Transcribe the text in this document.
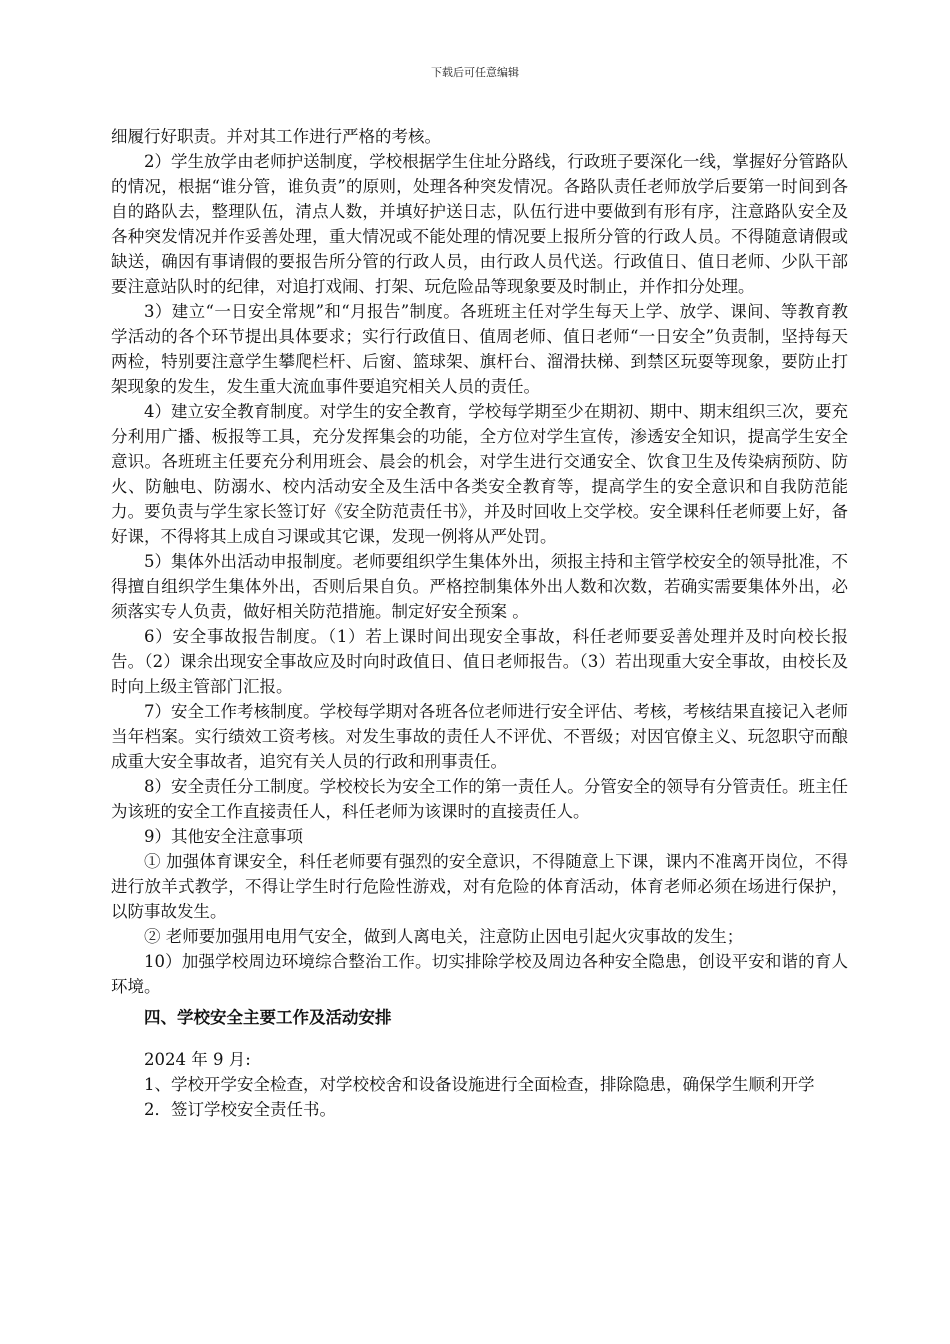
下载后可任意编辑

细履行好职责。并对其工作进行严格的考核。

2）学生放学由老师护送制度，学校根据学生住址分路线，行政班子要深化一线，掌握好分管路队的情况，根据“谁分管，谁负责”的原则，处理各种突发情况。各路队责任老师放学后要第一时间到各自的路队去，整理队伍，清点人数，并填好护送日志，队伍行进中要做到有形有序，注意路队安全及各种突发情况并作妥善处理，重大情况或不能处理的情况要上报所分管的行政人员。不得随意请假或缺送，确因有事请假的要报告所分管的行政人员，由行政人员代送。行政值日、值日老师、少队干部要注意站队时的纪律，对追打戏闹、打架、玩危险品等现象要及时制止，并作扣分处理。

3）建立“一日安全常规”和“月报告”制度。各班班主任对学生每天上学、放学、课间、等教育教学活动的各个环节提出具体要求；实行行政值日、值周老师、值日老师“一日安全”负责制，坚持每天两检，特别要注意学生攀爬栏杆、后窗、篮球架、旗杆台、溜滑扶梯、到禁区玩耍等现象，要防止打架现象的发生，发生重大流血事件要追究相关人员的责任。

4）建立安全教育制度。对学生的安全教育，学校每学期至少在期初、期中、期末组织三次，要充分利用广播、板报等工具，充分发挥集会的功能，全方位对学生宣传，渗透安全知识，提高学生安全意识。各班班主任要充分利用班会、晨会的机会，对学生进行交通安全、饮食卫生及传染病预防、防火、防触电、防溺水、校内活动安全及生活中各类安全教育等，提高学生的安全意识和自我防范能力。要负责与学生家长签订好《安全防范责任书》，并及时回收上交学校。安全课科任老师要上好，备好课，不得将其上成自习课或其它课，发现一例将从严处罚。

5）集体外出活动申报制度。老师要组织学生集体外出，须报主持和主管学校安全的领导批准，不得擅自组织学生集体外出，否则后果自负。严格控制集体外出人数和次数，若确实需要集体外出，必须落实专人负责，做好相关防范措施。制定好安全预案 。

6）安全事故报告制度。（1）若上课时间出现安全事故，科任老师要妥善处理并及时向校长报告。（2）课余出现安全事故应及时向时政值日、值日老师报告。（3）若出现重大安全事故，由校长及时向上级主管部门汇报。

7）安全工作考核制度。学校每学期对各班各位老师进行安全评估、考核，考核结果直接记入老师当年档案。实行绩效工资考核。对发生事故的责任人不评优、不晋级；对因官僚主义、玩忽职守而酿成重大安全事故者，追究有关人员的行政和刑事责任。

8）安全责任分工制度。学校校长为安全工作的第一责任人。分管安全的领导有分管责任。班主任为该班的安全工作直接责任人，科任老师为该课时的直接责任人。

9）其他安全注意事项

① 加强体育课安全，科任老师要有强烈的安全意识，不得随意上下课，课内不准离开岗位，不得进行放羊式教学，不得让学生时行危险性游戏，对有危险的体育活动，体育老师必须在场进行保护，以防事故发生。

② 老师要加强用电用气安全，做到人离电关，注意防止因电引起火灾事故的发生；

10）加强学校周边环境综合整治工作。切实排除学校及周边各种安全隐患，创设平安和谐的育人环境。

四、学校安全主要工作及活动安排

2024 年 9 月:

1、学校开学安全检查，对学校校舍和设备设施进行全面检查，排除隐患，确保学生顺利开学

2．签订学校安全责任书。
